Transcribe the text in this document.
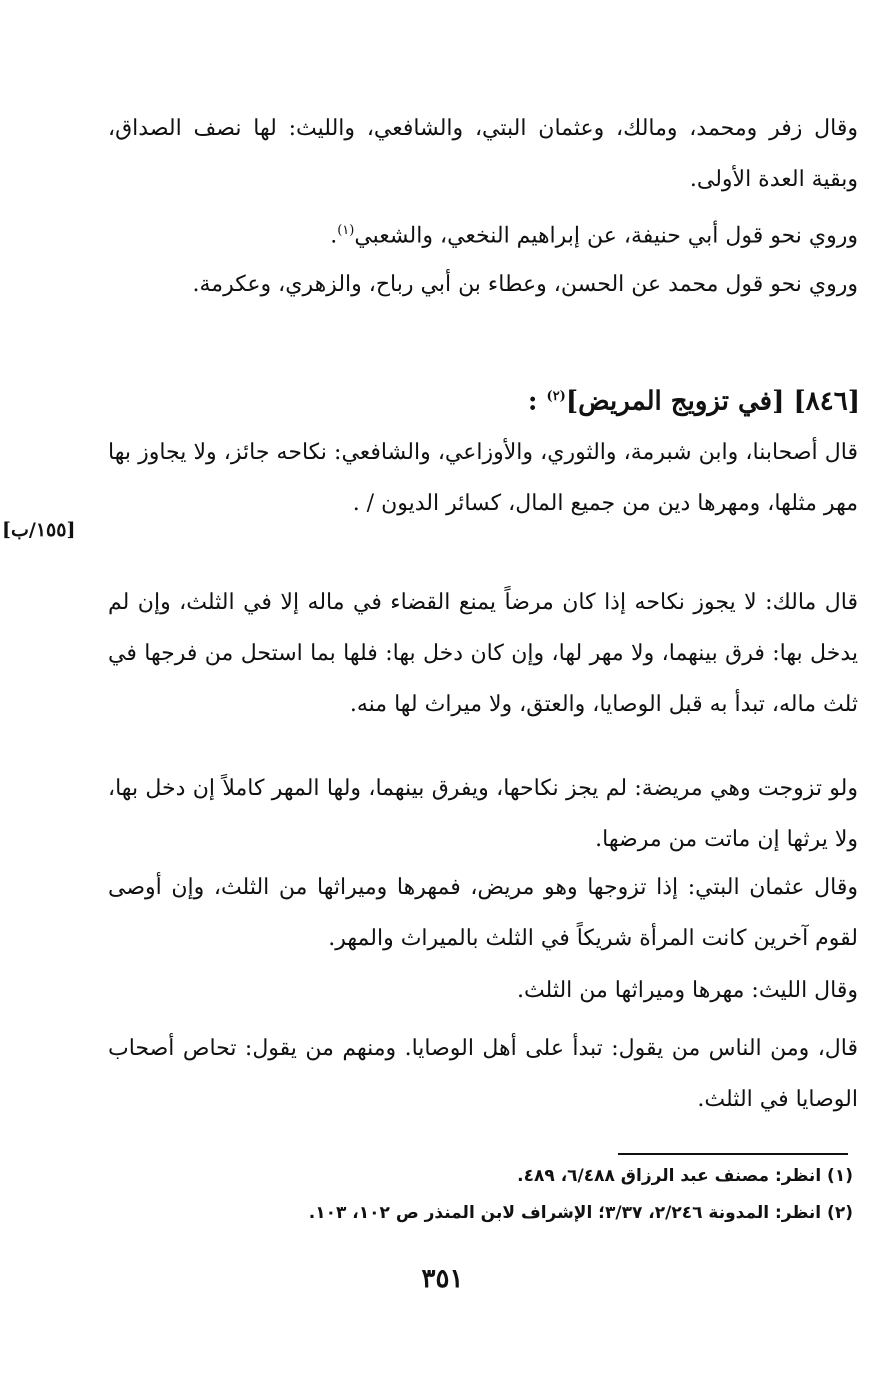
وقال زفر ومحمد، ومالك، وعثمان البتي، والشافعي، والليث: لها نصف الصداق، وبقية العدة الأولى.
وروي نحو قول أبي حنيفة، عن إبراهيم النخعي، والشعبي$^{(١)}$.
وروي نحو قول محمد عن الحسن، وعطاء بن أبي رباح، والزهري، وعكرمة.
[٨٤٦] [في تزويج المريض]$^{(٢)}$ :
[١٥٥/ب]
قال أصحابنا، وابن شبرمة، والثوري، والأوزاعي، والشافعي: نكاحه جائز، ولا يجاوز بها مهر مثلها، ومهرها دين من جميع المال، كسائر الديون / .
قال مالك: لا يجوز نكاحه إذا كان مرضاً يمنع القضاء في ماله إلا في الثلث، وإن لم يدخل بها: فرق بينهما، ولا مهر لها، وإن كان دخل بها: فلها بما استحل من فرجها في ثلث ماله، تبدأ به قبل الوصايا، والعتق، ولا ميراث لها منه.
ولو تزوجت وهي مريضة: لم يجز نكاحها، ويفرق بينهما، ولها المهر كاملاً إن دخل بها، ولا يرثها إن ماتت من مرضها.
وقال عثمان البتي: إذا تزوجها وهو مريض، فمهرها وميراثها من الثلث، وإن أوصى لقوم آخرين كانت المرأة شريكاً في الثلث بالميراث والمهر.
وقال الليث: مهرها وميراثها من الثلث.
قال، ومن الناس من يقول: تبدأ على أهل الوصايا. ومنهم من يقول: تحاص أصحاب الوصايا في الثلث.
(١) انظر: مصنف عبد الرزاق ٦/٤٨٨، ٤٨٩.
(٢) انظر: المدونة ٢/٢٤٦، ٣/٣٧؛ الإشراف لابن المنذر ص ١٠٢، ١٠٣.
٣٥١
